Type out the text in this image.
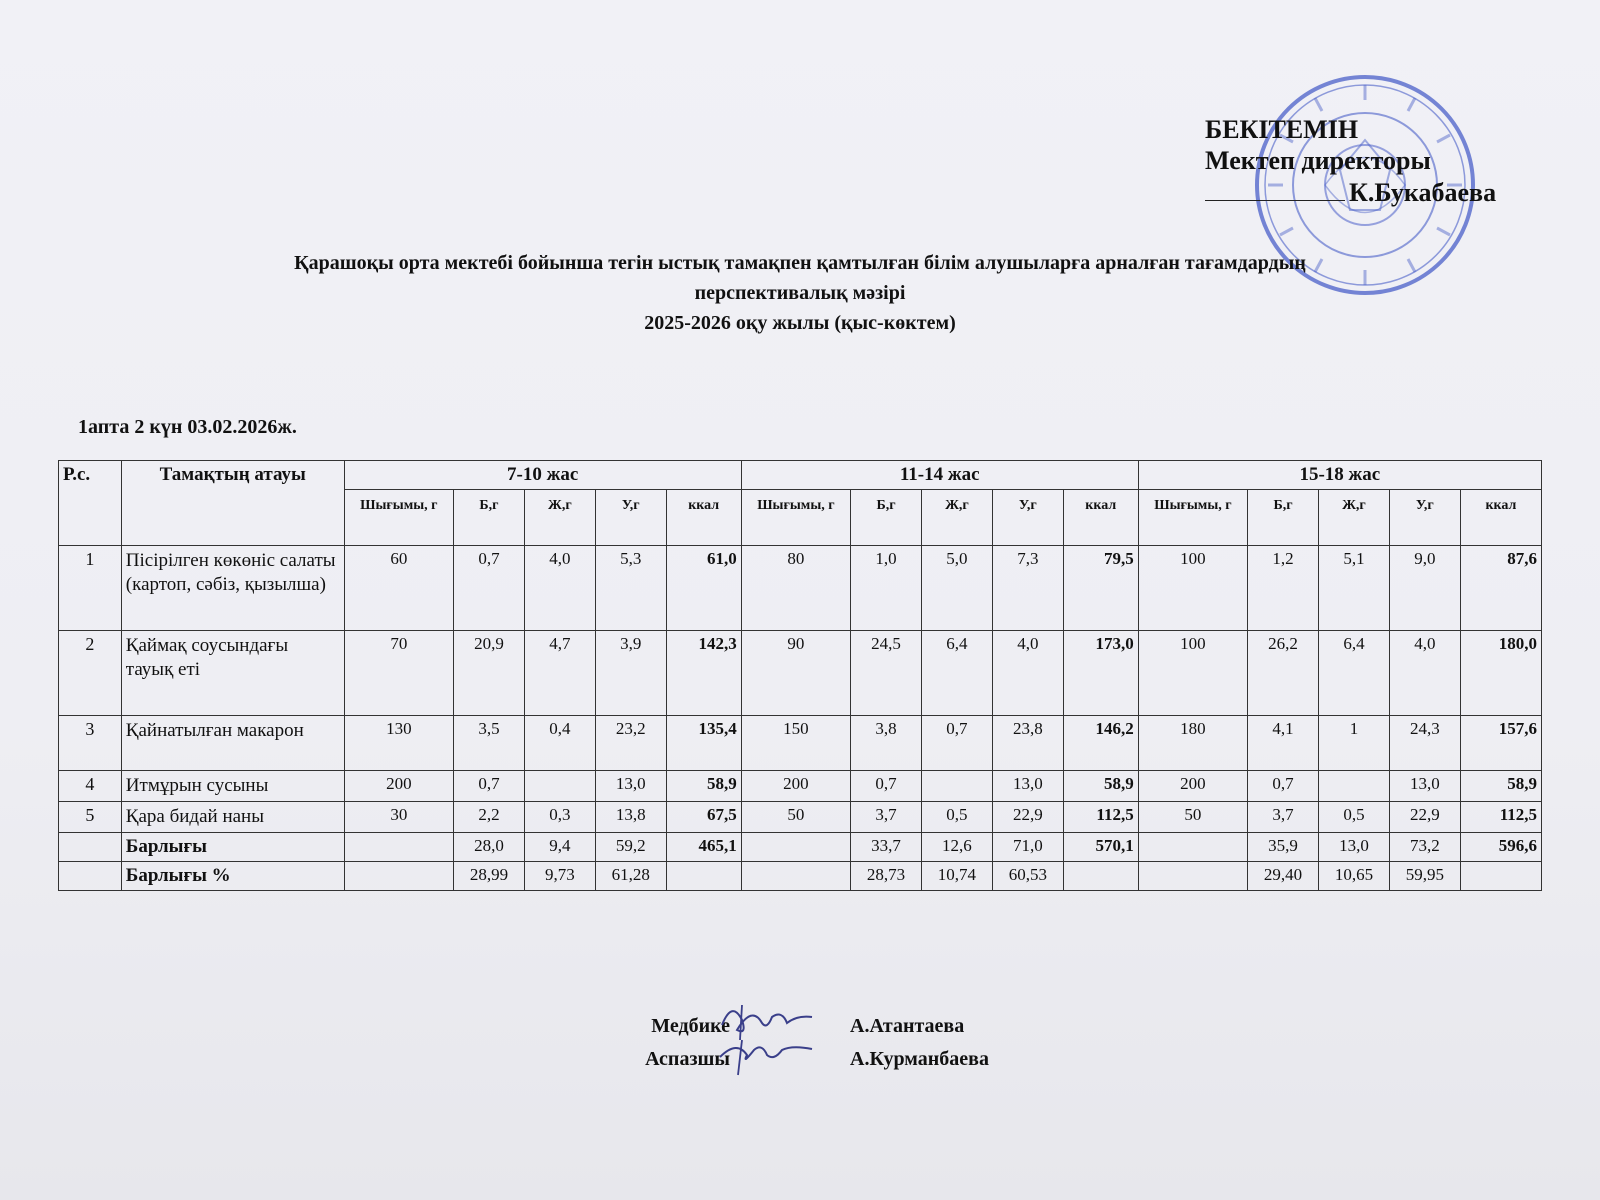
БЕКІТЕМІН
Мектеп директоры
К.Букабаева
Қарашоқы орта мектебі бойынша тегін ыстық тамақпен қамтылған білім алушыларға арналған тағамдардың
перспективалық мәзірі
2025-2026 оқу жылы (қыс-көктем)
1апта 2 күн 03.02.2026ж.
Р.с.	Тамақтың атауы	7-10 жас					11-14 жас					15-18 жас				
		Шығымы, г	Б,г	Ж,г	У,г	ккал	Шығымы, г	Б,г	Ж,г	У,г	ккал	Шығымы, г	Б,г	Ж,г	У,г	ккал
1	Пісірілген көкөніс салаты (картоп, сәбіз, қызылша)	60	0,7	4,0	5,3	61,0	80	1,0	5,0	7,3	79,5	100	1,2	5,1	9,0	87,6
2	Қаймақ соусындағы тауық еті	70	20,9	4,7	3,9	142,3	90	24,5	6,4	4,0	173,0	100	26,2	6,4	4,0	180,0
3	Қайнатылған макарон	130	3,5	0,4	23,2	135,4	150	3,8	0,7	23,8	146,2	180	4,1	1	24,3	157,6
4	Итмұрын сусыны	200	0,7		13,0	58,9	200	0,7		13,0	58,9	200	0,7		13,0	58,9
5	Қара бидай наны	30	2,2	0,3	13,8	67,5	50	3,7	0,5	22,9	112,5	50	3,7	0,5	22,9	112,5
	Барлығы		28,0	9,4	59,2	465,1		33,7	12,6	71,0	570,1		35,9	13,0	73,2	596,6
	Барлығы %		28,99	9,73	61,28			28,73	10,74	60,53			29,40	10,65	59,95	
Медбике	А.Атантаева
Аспазшы	А.Курманбаева
